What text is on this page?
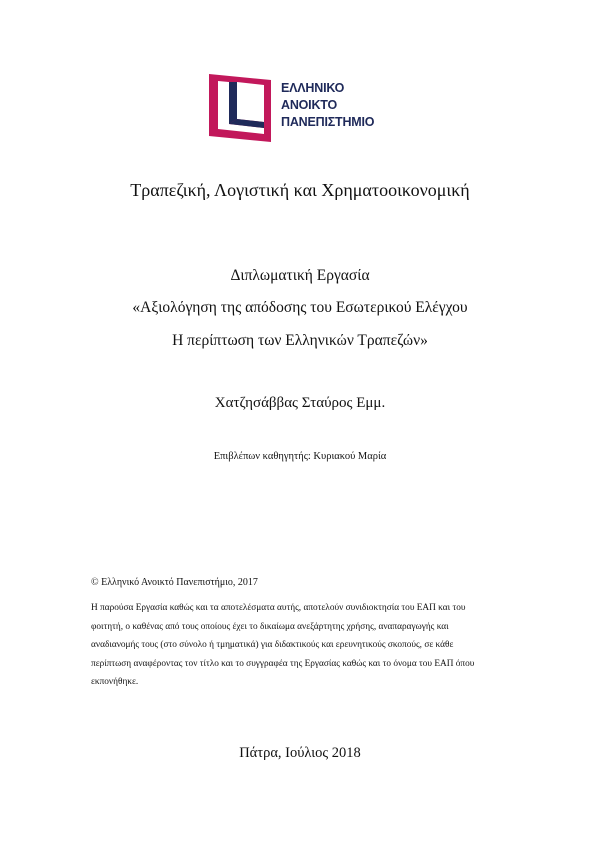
ΕΛΛΗΝΙΚΟ
ΑΝΟΙΚΤΟ
ΠΑΝΕΠΙΣΤΗΜΙΟ
Τραπεζική, Λογιστική και Χρηματοοικονομική
Διπλωματική Εργασία
«Αξιολόγηση της απόδοσης του Εσωτερικού Ελέγχου
Η περίπτωση των Ελληνικών Τραπεζών»
Χατζησάββας Σταύρος Εμμ.
Επιβλέπων καθηγητής: Κυριακού Μαρία
© Ελληνικό Ανοικτό Πανεπιστήμιο, 2017
Η παρούσα Εργασία καθώς και τα αποτελέσματα αυτής, αποτελούν συνιδιοκτησία του ΕΑΠ και του
φοιτητή, ο καθένας από τους οποίους έχει το δικαίωμα ανεξάρτητης χρήσης, αναπαραγωγής και
αναδιανομής τους (στο σύνολο ή τμηματικά) για διδακτικούς και ερευνητικούς σκοπούς, σε κάθε
περίπτωση αναφέροντας τον τίτλο και το συγγραφέα της Εργασίας καθώς και το όνομα του ΕΑΠ όπου
εκπονήθηκε.
Πάτρα, Ιούλιος 2018
